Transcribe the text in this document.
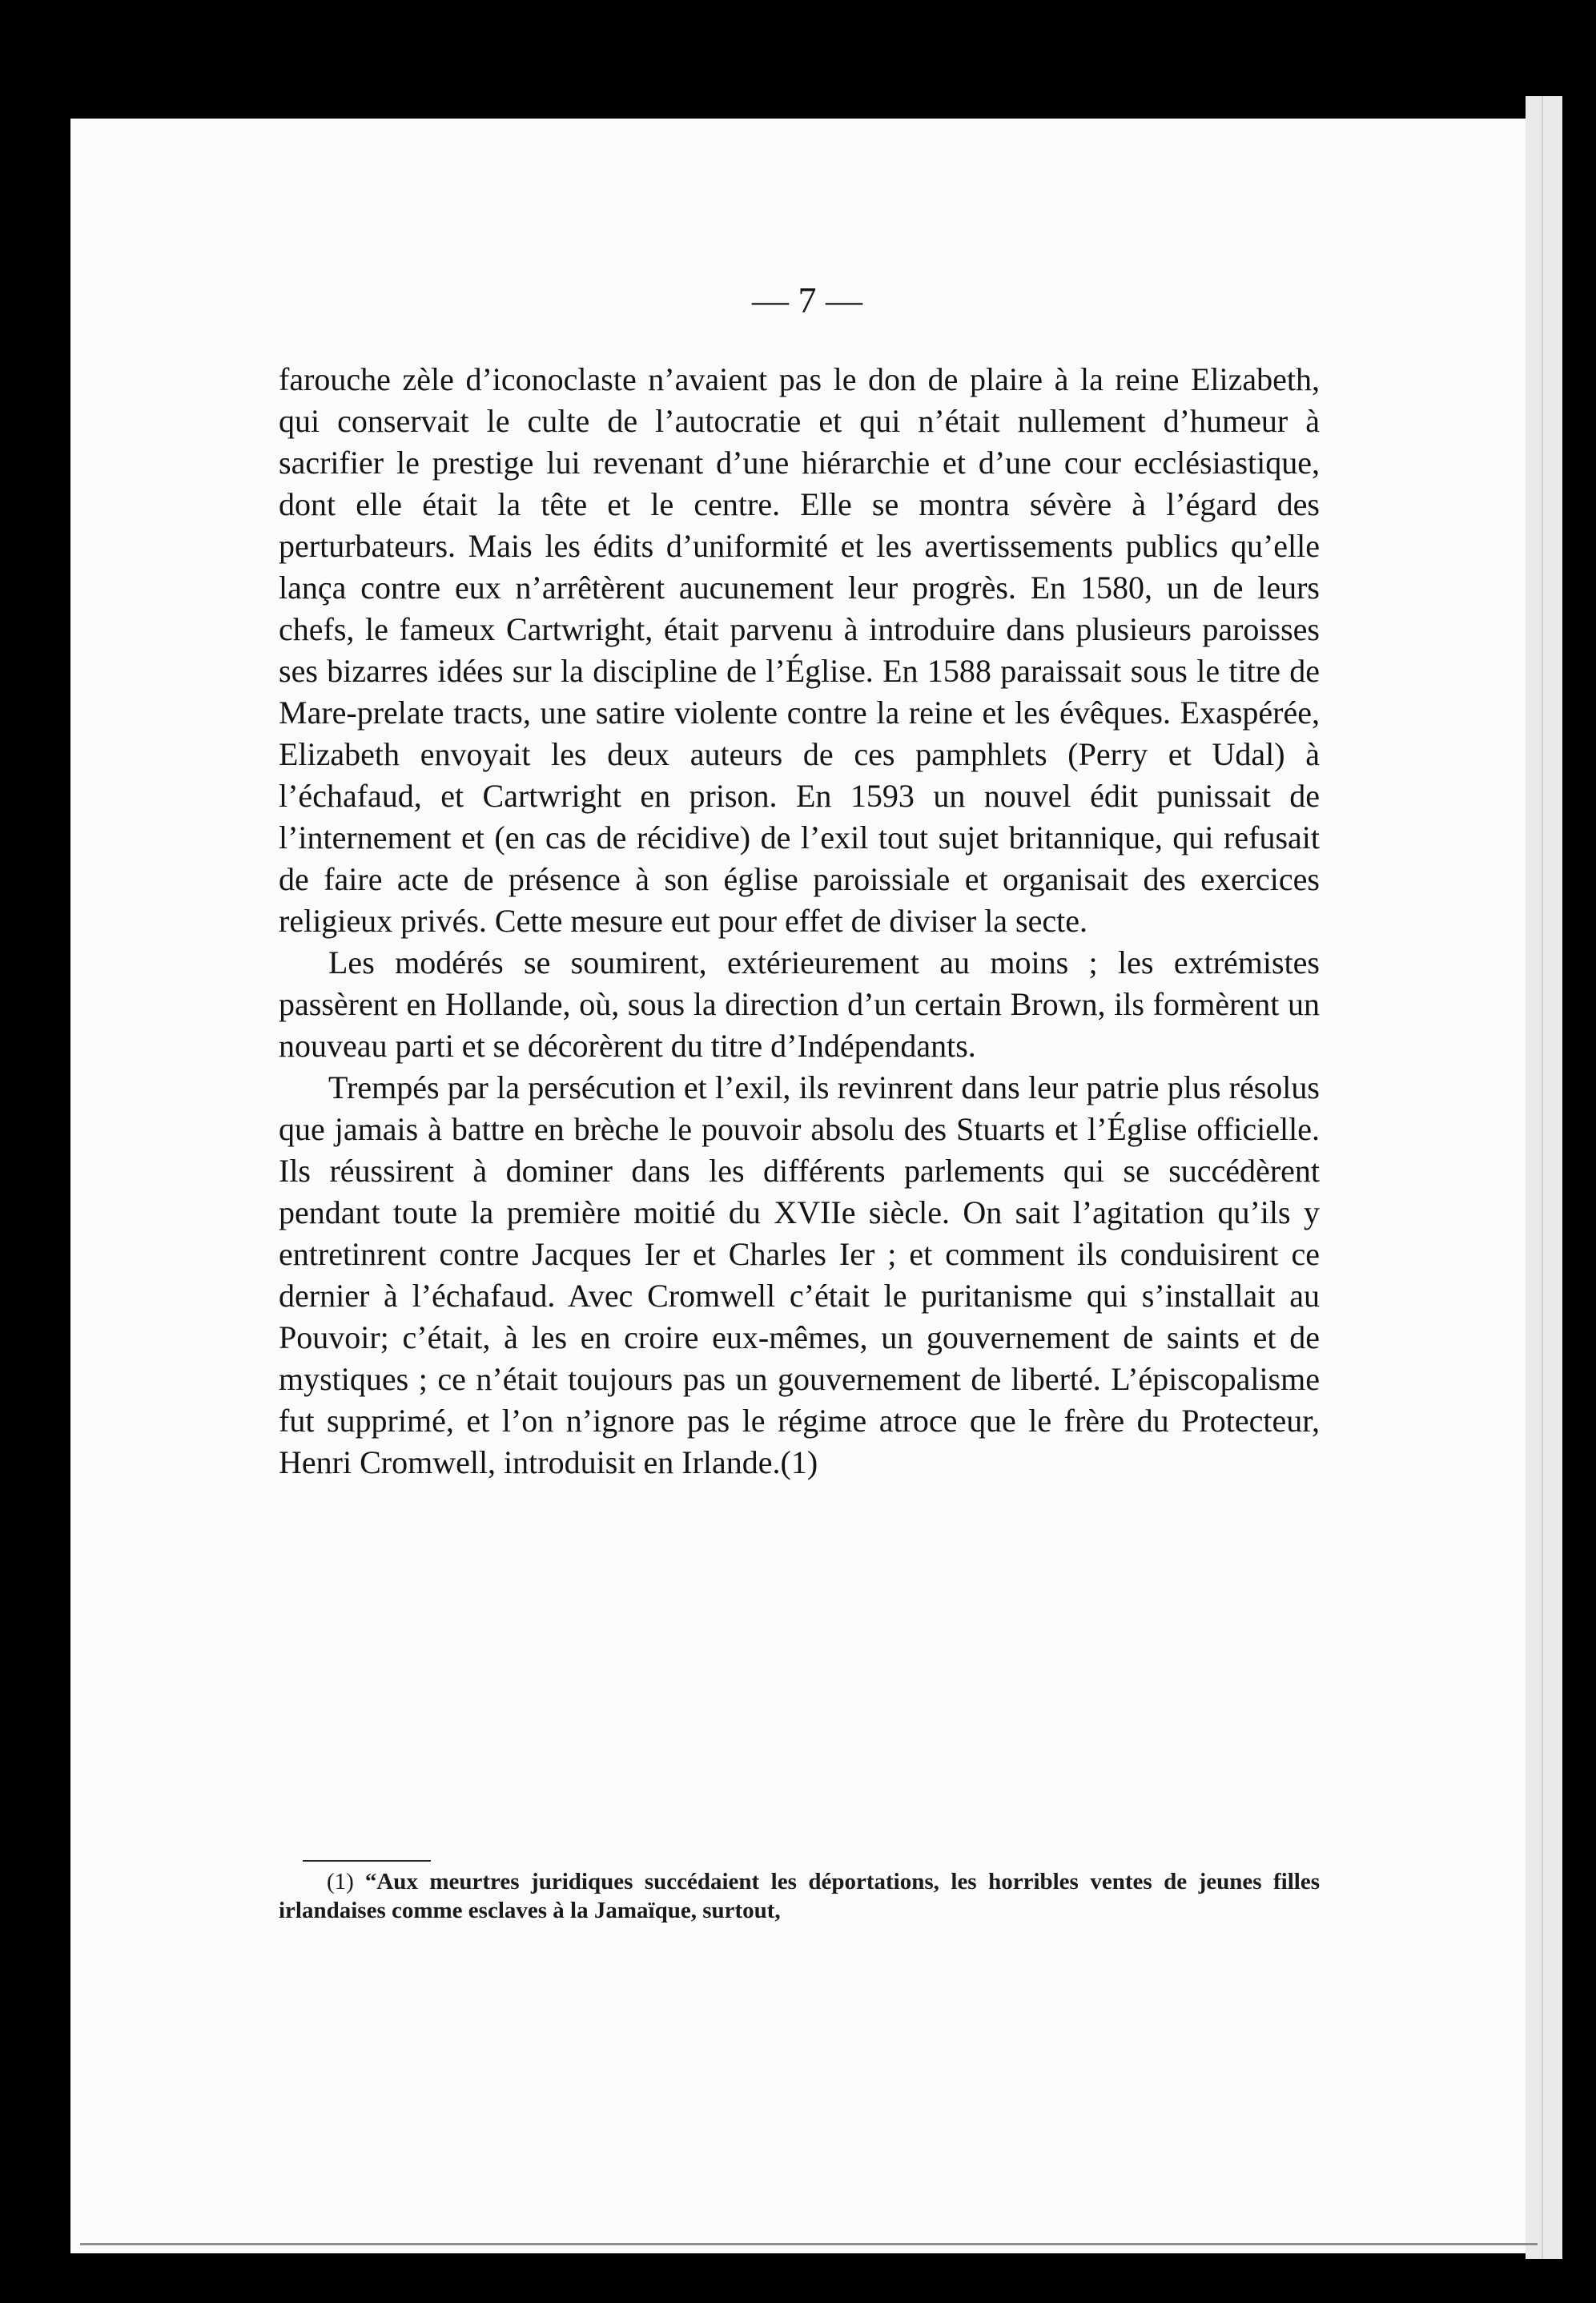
— 7 —

farouche zèle d’iconoclaste n’avaient pas le don de plaire à la reine Elizabeth, qui conservait le culte de l’autocratie et qui n’était nullement d’humeur à sacrifier le prestige lui revenant d’une hiérarchie et d’une cour ecclésiastique, dont elle était la tête et le centre. Elle se montra sévère à l’égard des perturbateurs. Mais les édits d’uniformité et les avertissements publics qu’elle lança contre eux n’arrêtèrent aucunement leur progrès. En 1580, un de leurs chefs, le fameux Cartwright, était parvenu à introduire dans plusieurs paroisses ses bizarres idées sur la discipline de l’Église. En 1588 paraissait sous le titre de Mare-prelate tracts, une satire violente contre la reine et les évêques. Exaspérée, Elizabeth envoyait les deux auteurs de ces pamphlets (Perry et Udal) à l’échafaud, et Cartwright en prison. En 1593 un nouvel édit punissait de l’internement et (en cas de récidive) de l’exil tout sujet britannique, qui refusait de faire acte de présence à son église paroissiale et organisait des exercices religieux privés. Cette mesure eut pour effet de diviser la secte.

Les modérés se soumirent, extérieurement au moins ; les extrémistes passèrent en Hollande, où, sous la direction d’un certain Brown, ils formèrent un nouveau parti et se décorèrent du titre d’Indépendants.

Trempés par la persécution et l’exil, ils revinrent dans leur patrie plus résolus que jamais à battre en brèche le pouvoir absolu des Stuarts et l’Église officielle. Ils réussirent à dominer dans les différents parlements qui se succédèrent pendant toute la première moitié du XVIIe siècle. On sait l’agitation qu’ils y entretinrent contre Jacques Ier et Charles Ier ; et comment ils conduisirent ce dernier à l’échafaud. Avec Cromwell c’était le puritanisme qui s’installait au Pouvoir; c’était, à les en croire eux-mêmes, un gouvernement de saints et de mystiques ; ce n’était toujours pas un gouvernement de liberté. L’épiscopalisme fut supprimé, et l’on n’ignore pas le régime atroce que le frère du Protecteur, Henri Cromwell, introduisit en Irlande.(1)

(1) “Aux meurtres juridiques succédaient les déportations, les horribles ventes de jeunes filles irlandaises comme esclaves à la Jamaïque, surtout,
